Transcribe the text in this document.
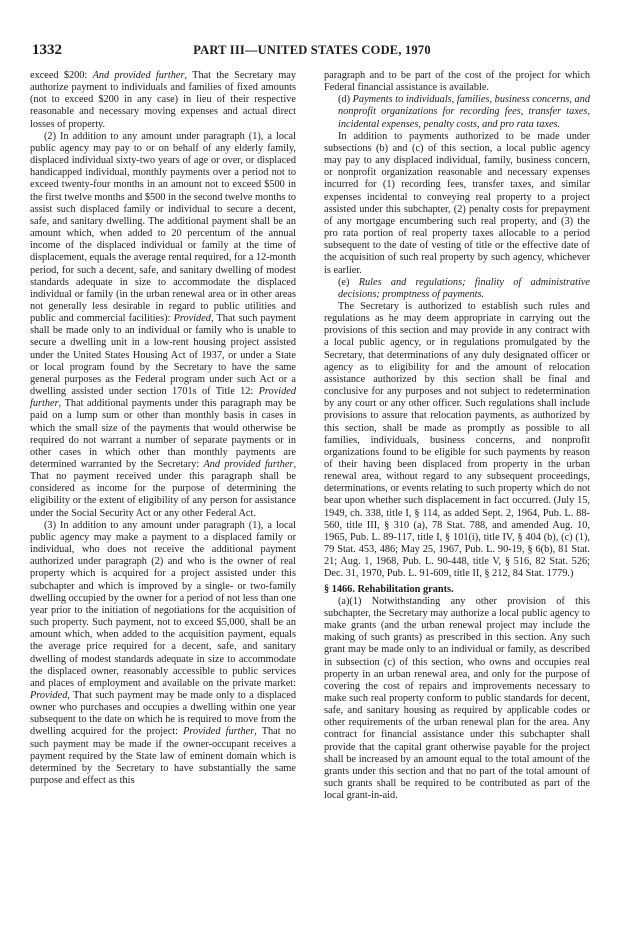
1332	PART III—UNITED STATES CODE, 1970

exceed $200: And provided further, That the Secretary may authorize payment to individuals and families of fixed amounts (not to exceed $200 in any case) in lieu of their respective reasonable and necessary moving expenses and actual direct losses of property.

(2) In addition to any amount under paragraph (1), a local public agency may pay to or on behalf of any elderly family, displaced individual sixty-two years of age or over, or displaced handicapped individual, monthly payments over a period not to exceed twenty-four months in an amount not to exceed $500 in the first twelve months and $500 in the second twelve months to assist such displaced family or individual to secure a decent, safe, and sanitary dwelling. The additional payment shall be an amount which, when added to 20 percentum of the annual income of the displaced individual or family at the time of displacement, equals the average rental required, for a 12-month period, for such a decent, safe, and sanitary dwelling of modest standards adequate in size to accommodate the displaced individual or family (in the urban renewal area or in other areas not generally less desirable in regard to public utilities and public and commercial facilities): Provided, That such payment shall be made only to an individual or family who is unable to secure a dwelling unit in a low-rent housing project assisted under the United States Housing Act of 1937, or under a State or local program found by the Secretary to have the same general purposes as the Federal program under such Act or a dwelling assisted under section 1701s of Title 12: Provided further, That additional payments under this paragraph may be paid on a lump sum or other than monthly basis in cases in which the small size of the payments that would otherwise be required do not warrant a number of separate payments or in other cases in which other than monthly payments are determined warranted by the Secretary: And provided further, That no payment received under this paragraph shall be considered as income for the purpose of determining the eligibility or the extent of eligibility of any person for assistance under the Social Security Act or any other Federal Act.

(3) In addition to any amount under paragraph (1), a local public agency may make a payment to a displaced family or individual, who does not receive the additional payment authorized under paragraph (2) and who is the owner of real property which is acquired for a project assisted under this subchapter and which is improved by a single- or two-family dwelling occupied by the owner for a period of not less than one year prior to the initiation of negotiations for the acquisition of such property. Such payment, not to exceed $5,000, shall be an amount which, when added to the acquisition payment, equals the average price required for a decent, safe, and sanitary dwelling of modest standards adequate in size to accommodate the displaced owner, reasonably accessible to public services and places of employment and available on the private market: Provided, That such payment may be made only to a displaced owner who purchases and occupies a dwelling within one year subsequent to the date on which he is required to move from the dwelling acquired for the project: Provided further, That no such payment may be made if the owner-occupant receives a payment required by the State law of eminent domain which is determined by the Secretary to have substantially the same purpose and effect as this

paragraph and to be part of the cost of the project for which Federal financial assistance is available.

(d) Payments to individuals, families, business concerns, and nonprofit organizations for recording fees, transfer taxes, incidental expenses, penalty costs, and pro rata taxes.

In addition to payments authorized to be made under subsections (b) and (c) of this section, a local public agency may pay to any displaced individual, family, business concern, or nonprofit organization reasonable and necessary expenses incurred for (1) recording fees, transfer taxes, and similar expenses incidental to conveying real property to a project assisted under this subchapter, (2) penalty costs for prepayment of any mortgage encumbering such real property, and (3) the pro rata portion of real property taxes allocable to a period subsequent to the date of vesting of title or the effective date of the acquisition of such real property by such agency, whichever is earlier.

(e) Rules and regulations; finality of administrative decisions; promptness of payments.

The Secretary is authorized to establish such rules and regulations as he may deem appropriate in carrying out the provisions of this section and may provide in any contract with a local public agency, or in regulations promulgated by the Secretary, that determinations of any duly designated officer or agency as to eligibility for and the amount of relocation assistance authorized by this section shall be final and conclusive for any purposes and not subject to redetermination by any court or any other officer. Such regulations shall include provisions to assure that relocation payments, as authorized by this section, shall be made as promptly as possible to all families, individuals, business concerns, and nonprofit organizations found to be eligible for such payments by reason of their having been displaced from property in the urban renewal area, without regard to any subsequent proceedings, determinations, or events relating to such property which do not bear upon whether such displacement in fact occurred. (July 15, 1949, ch. 338, title I, § 114, as added Sept. 2, 1964, Pub. L. 88-560, title III, § 310 (a), 78 Stat. 788, and amended Aug. 10, 1965, Pub. L. 89-117, title I, § 101(i), title IV, § 404 (b), (c) (1), 79 Stat. 453, 486; May 25, 1967, Pub. L. 90-19, § 6(b), 81 Stat. 21; Aug. 1, 1968, Pub. L. 90-448, title V, § 516, 82 Stat. 526; Dec. 31, 1970, Pub. L. 91-609, title II, § 212, 84 Stat. 1779.)

§ 1466. Rehabilitation grants.

(a)(1) Notwithstanding any other provision of this subchapter, the Secretary may authorize a local public agency to make grants (and the urban renewal project may include the making of such grants) as prescribed in this section. Any such grant may be made only to an individual or family, as described in subsection (c) of this section, who owns and occupies real property in an urban renewal area, and only for the purpose of covering the cost of repairs and improvements necessary to make such real property conform to public standards for decent, safe, and sanitary housing as required by applicable codes or other requirements of the urban renewal plan for the area. Any contract for financial assistance under this subchapter shall provide that the capital grant otherwise payable for the project shall be increased by an amount equal to the total amount of the grants under this section and that no part of the total amount of such grants shall be required to be contributed as part of the local grant-in-aid.
